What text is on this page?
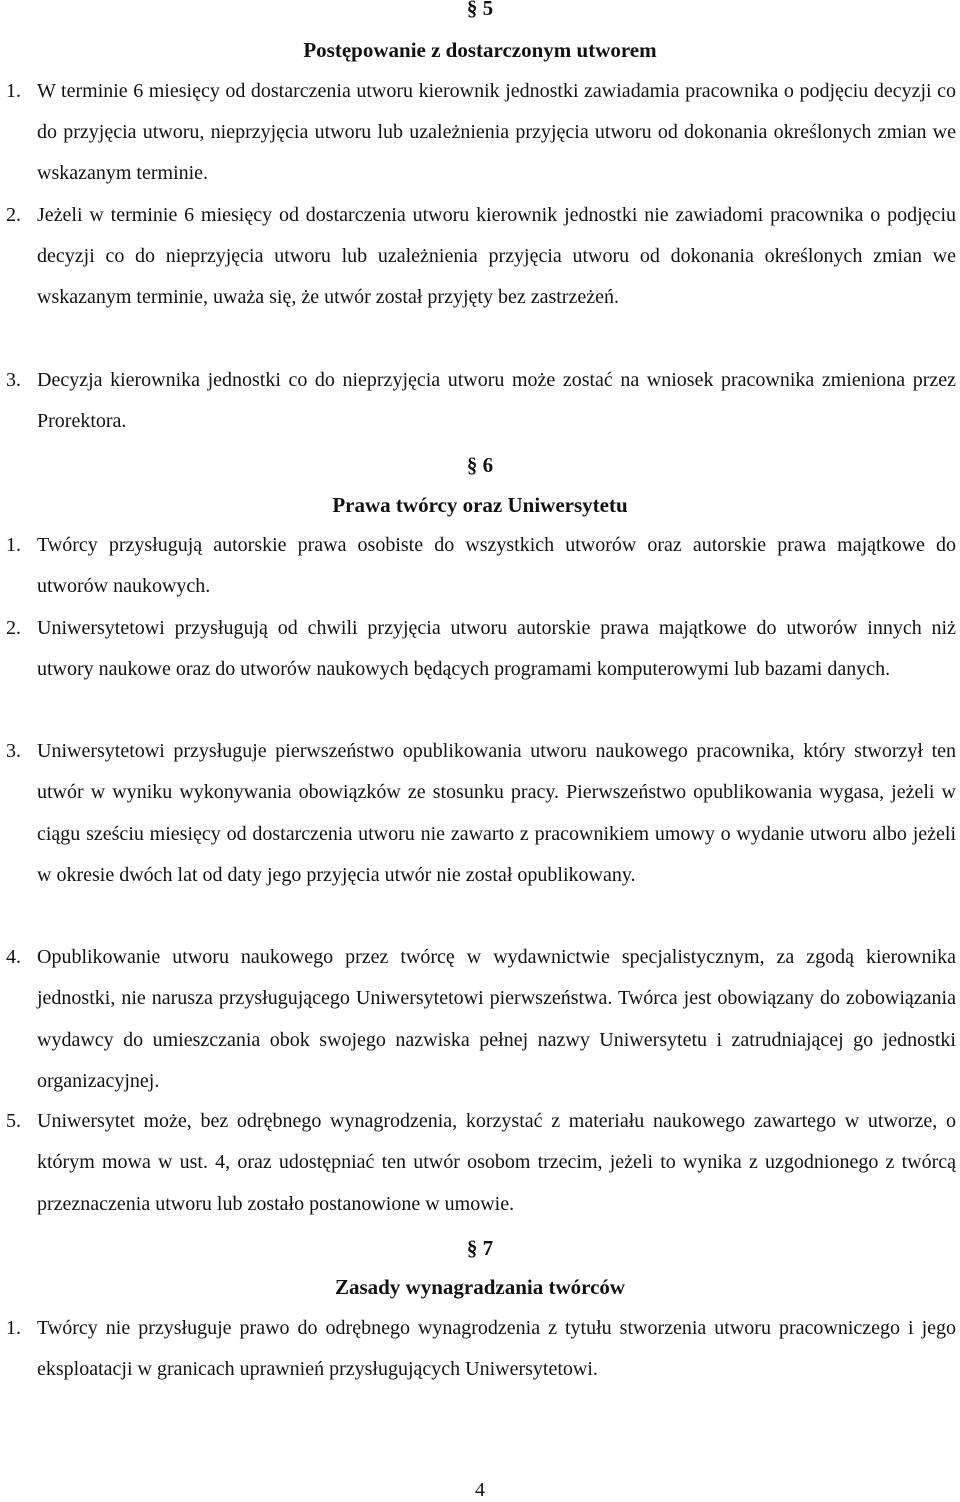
§ 5
Postępowanie z dostarczonym utworem
1. W terminie 6 miesięcy od dostarczenia utworu kierownik jednostki zawiadamia pracownika o podjęciu decyzji co do przyjęcia utworu, nieprzyjęcia utworu lub uzależnienia przyjęcia utworu od dokonania określonych zmian we wskazanym terminie.
2. Jeżeli w terminie 6 miesięcy od dostarczenia utworu kierownik jednostki nie zawiadomi pracownika o podjęciu decyzji co do nieprzyjęcia utworu lub uzależnienia przyjęcia utworu od dokonania określonych zmian we wskazanym terminie, uważa się, że utwór został przyjęty bez zastrzeżeń.
3. Decyzja kierownika jednostki co do nieprzyjęcia utworu może zostać na wniosek pracownika zmieniona przez Prorektora.
§ 6
Prawa twórcy oraz Uniwersytetu
1. Twórcy przysługują autorskie prawa osobiste do wszystkich utworów oraz autorskie prawa majątkowe do utworów naukowych.
2. Uniwersytetowi przysługują od chwili przyjęcia utworu autorskie prawa majątkowe do utworów innych niż utwory naukowe oraz do utworów naukowych będących programami komputerowymi lub bazami danych.
3. Uniwersytetowi przysługuje pierwszeństwo opublikowania utworu naukowego pracownika, który stworzył ten utwór w wyniku wykonywania obowiązków ze stosunku pracy. Pierwszeństwo opublikowania wygasa, jeżeli w ciągu sześciu miesięcy od dostarczenia utworu nie zawarto z pracownikiem umowy o wydanie utworu albo jeżeli w okresie dwóch lat od daty jego przyjęcia utwór nie został opublikowany.
4. Opublikowanie utworu naukowego przez twórcę w wydawnictwie specjalistycznym, za zgodą kierownika jednostki, nie narusza przysługującego Uniwersytetowi pierwszeństwa. Twórca jest obowiązany do zobowiązania wydawcy do umieszczania obok swojego nazwiska pełnej nazwy Uniwersytetu i zatrudniającej go jednostki organizacyjnej.
5. Uniwersytet może, bez odrębnego wynagrodzenia, korzystać z materiału naukowego zawartego w utworze, o którym mowa w ust. 4, oraz udostępniać ten utwór osobom trzecim, jeżeli to wynika z uzgodnionego z twórcą przeznaczenia utworu lub zostało postanowione w umowie.
§ 7
Zasady wynagradzania twórców
1. Twórcy nie przysługuje prawo do odrębnego wynagrodzenia z tytułu stworzenia utworu pracowniczego i jego eksploatacji w granicach uprawnień przysługujących Uniwersytetowi.
4
